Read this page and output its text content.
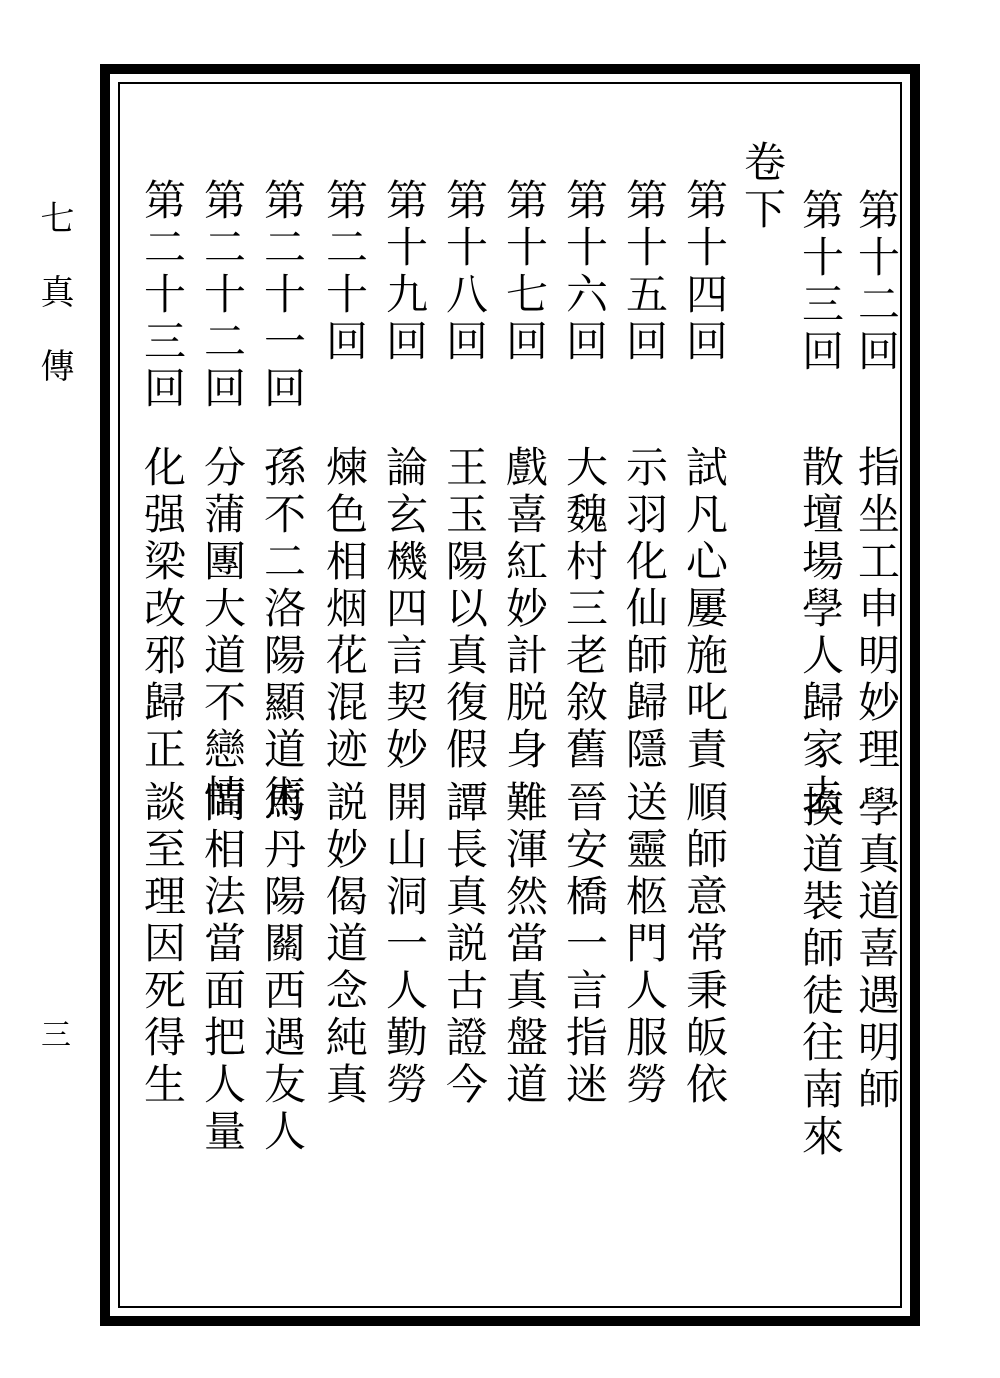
七真傳
三
卷下
第十二回
指坐工申明妙理
學真道喜遇明師
第十三回
散壇場學人歸家去
換道裝師徒往南來
第十四回
試凡心屢施叱責
順師意常秉皈依
第十五回
示羽化仙師歸隱
送靈柩門人服勞
第十六回
大魏村三老敘舊
晉安橋一言指迷
第十七回
戲喜紅妙計脱身
難渾然當真盤道
第十八回
王玉陽以真復假
譚長真説古證今
第十九回
論玄機四言契妙
開山洞一人勤勞
第二十回
煉色相烟花混迹
説妙偈道念純真
第二十一回
孫不二洛陽顯道術
馬丹陽關西遇友人
第二十二回
分蒲團大道不戀情
問相法當面把人量
第二十三回
化强梁改邪歸正
談至理因死得生
